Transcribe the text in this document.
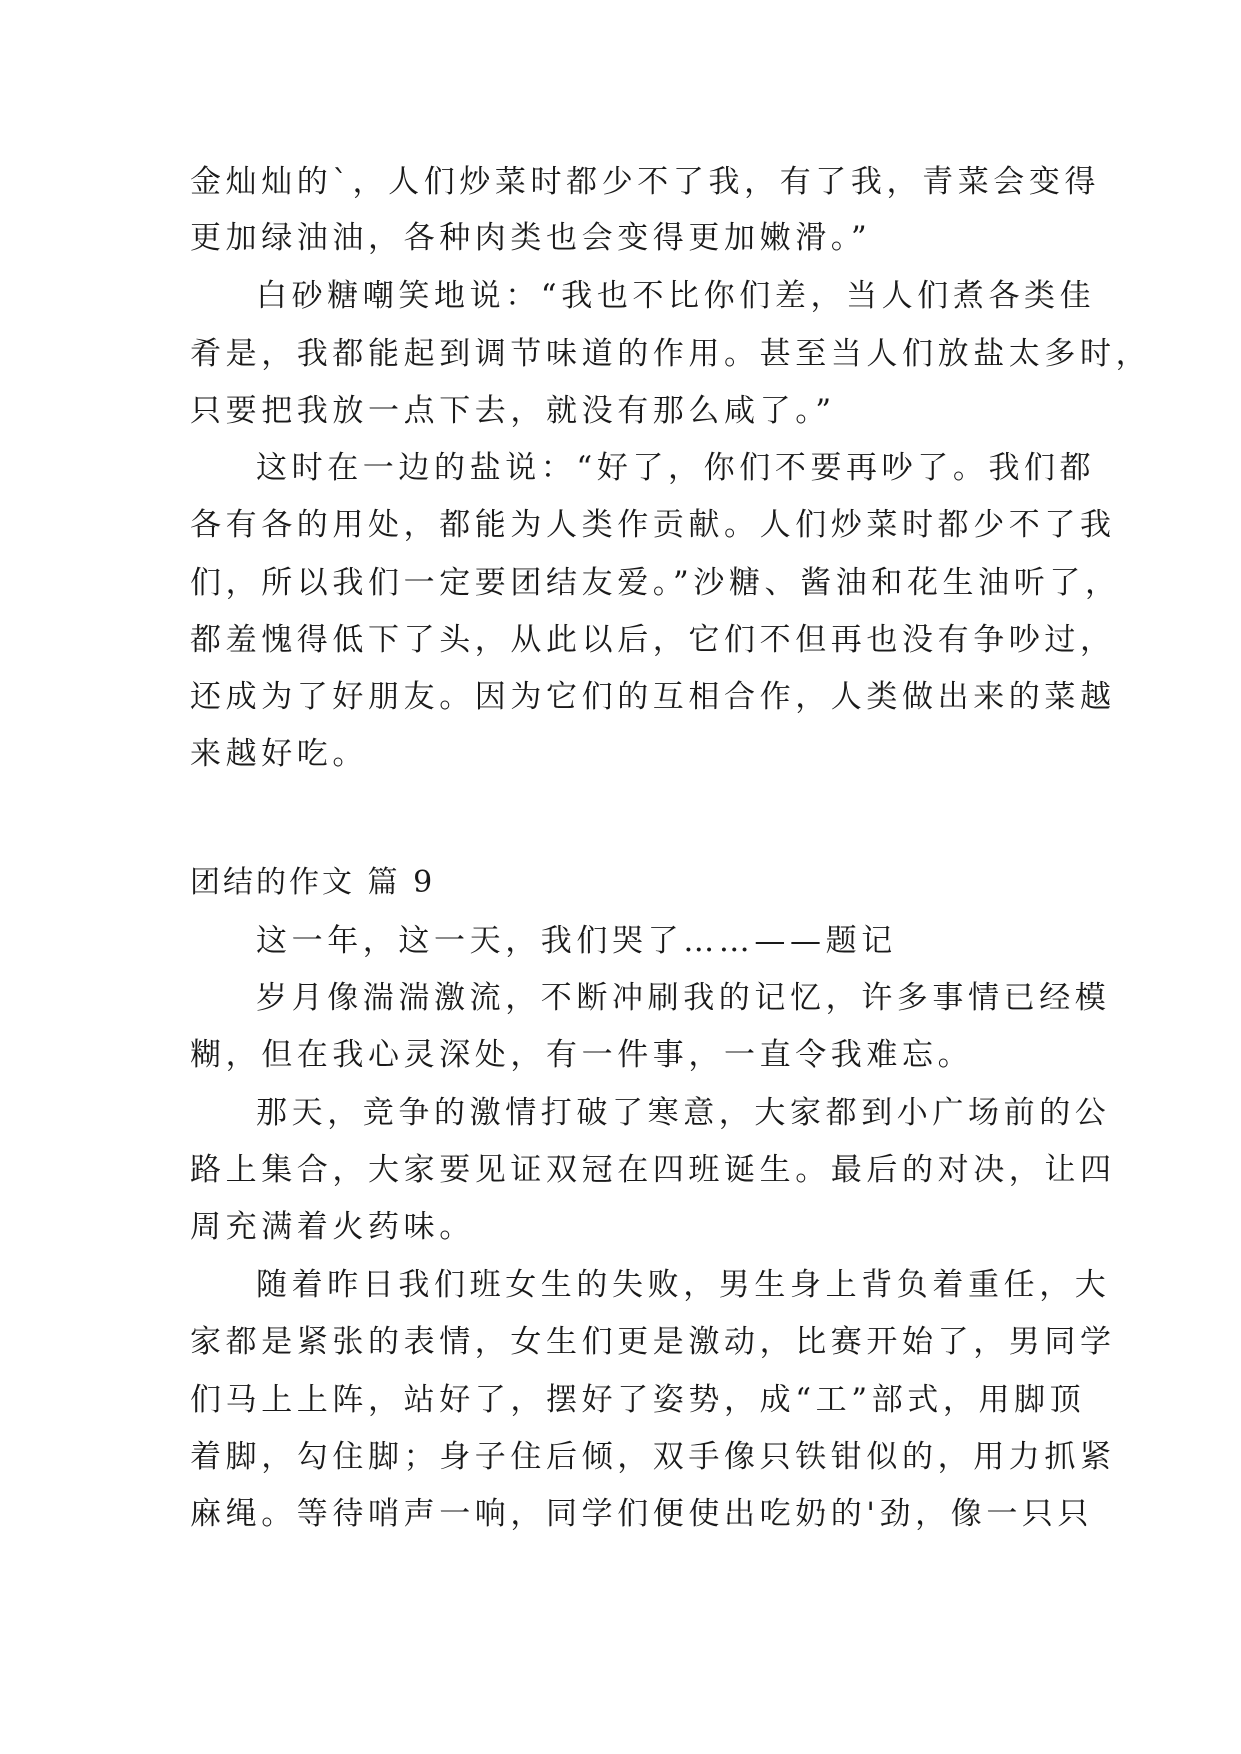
金灿灿的`，人们炒菜时都少不了我，有了我，青菜会变得
更加绿油油，各种肉类也会变得更加嫩滑。”
白砂糖嘲笑地说：“我也不比你们差，当人们煮各类佳
肴是，我都能起到调节味道的作用。甚至当人们放盐太多时，
只要把我放一点下去，就没有那么咸了。”
这时在一边的盐说：“好了，你们不要再吵了。我们都
各有各的用处，都能为人类作贡献。人们炒菜时都少不了我
们，所以我们一定要团结友爱。”沙糖、酱油和花生油听了，
都羞愧得低下了头，从此以后，它们不但再也没有争吵过，
还成为了好朋友。因为它们的互相合作，人类做出来的菜越
来越好吃。
团结的作文 篇 9
这一年，这一天，我们哭了……——题记
岁月像湍湍激流，不断冲刷我的记忆，许多事情已经模
糊，但在我心灵深处，有一件事，一直令我难忘。
那天，竞争的激情打破了寒意，大家都到小广场前的公
路上集合，大家要见证双冠在四班诞生。最后的对决，让四
周充满着火药味。
随着昨日我们班女生的失败，男生身上背负着重任，大
家都是紧张的表情，女生们更是激动，比赛开始了，男同学
们马上上阵，站好了，摆好了姿势，成“工”部式，用脚顶
着脚，勾住脚；身子住后倾，双手像只铁钳似的，用力抓紧
麻绳。等待哨声一响，同学们便使出吃奶的'劲，像一只只
